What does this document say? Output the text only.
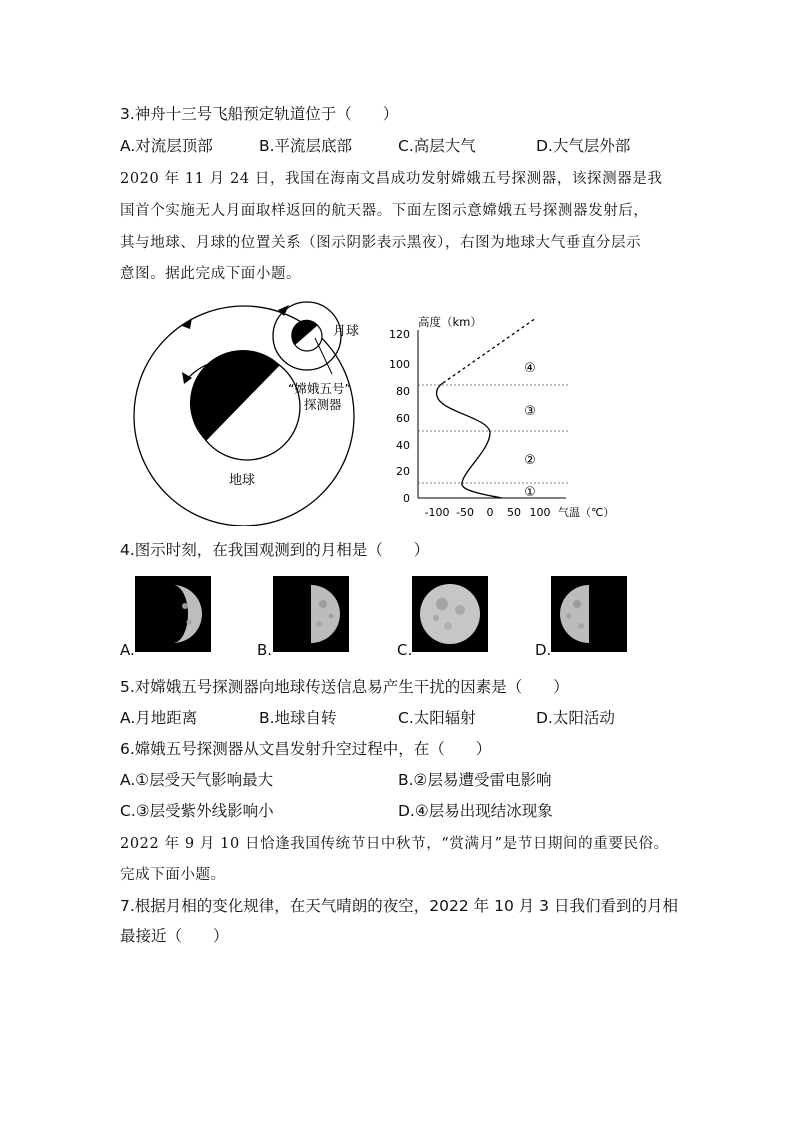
3.神舟十三号飞船预定轨道位于（　　）
A.对流层顶部	B.平流层底部	C.高层大气	D.大气层外部
2020 年 11 月 24 日，我国在海南文昌成功发射嫦娥五号探测器，该探测器是我
国首个实施无人月面取样返回的航天器。下面左图示意嫦娥五号探测器发射后，
其与地球、月球的位置关系（图示阴影表示黑夜），右图为地球大气垂直分层示
意图。据此完成下面小题。
地球
月球
“嫦娥五号”
探测器
高度（km）
120
100
80
60
40
20
0
-100 -50 0 50 100 气温（℃）
④
③
②
①
4.图示时刻，在我国观测到的月相是（　　）
A.	B.	C.	D.
5.对嫦娥五号探测器向地球传送信息易产生干扰的因素是（　　）
A.月地距离	B.地球自转	C.太阳辐射	D.太阳活动
6.嫦娥五号探测器从文昌发射升空过程中，在（　　）
A.①层受天气影响最大	B.②层易遭受雷电影响
C.③层受紫外线影响小	D.④层易出现结冰现象
2022 年 9 月 10 日恰逢我国传统节日中秋节，“赏满月”是节日期间的重要民俗。
完成下面小题。
7.根据月相的变化规律，在天气晴朗的夜空，2022 年 10 月 3 日我们看到的月相
最接近（　　）
